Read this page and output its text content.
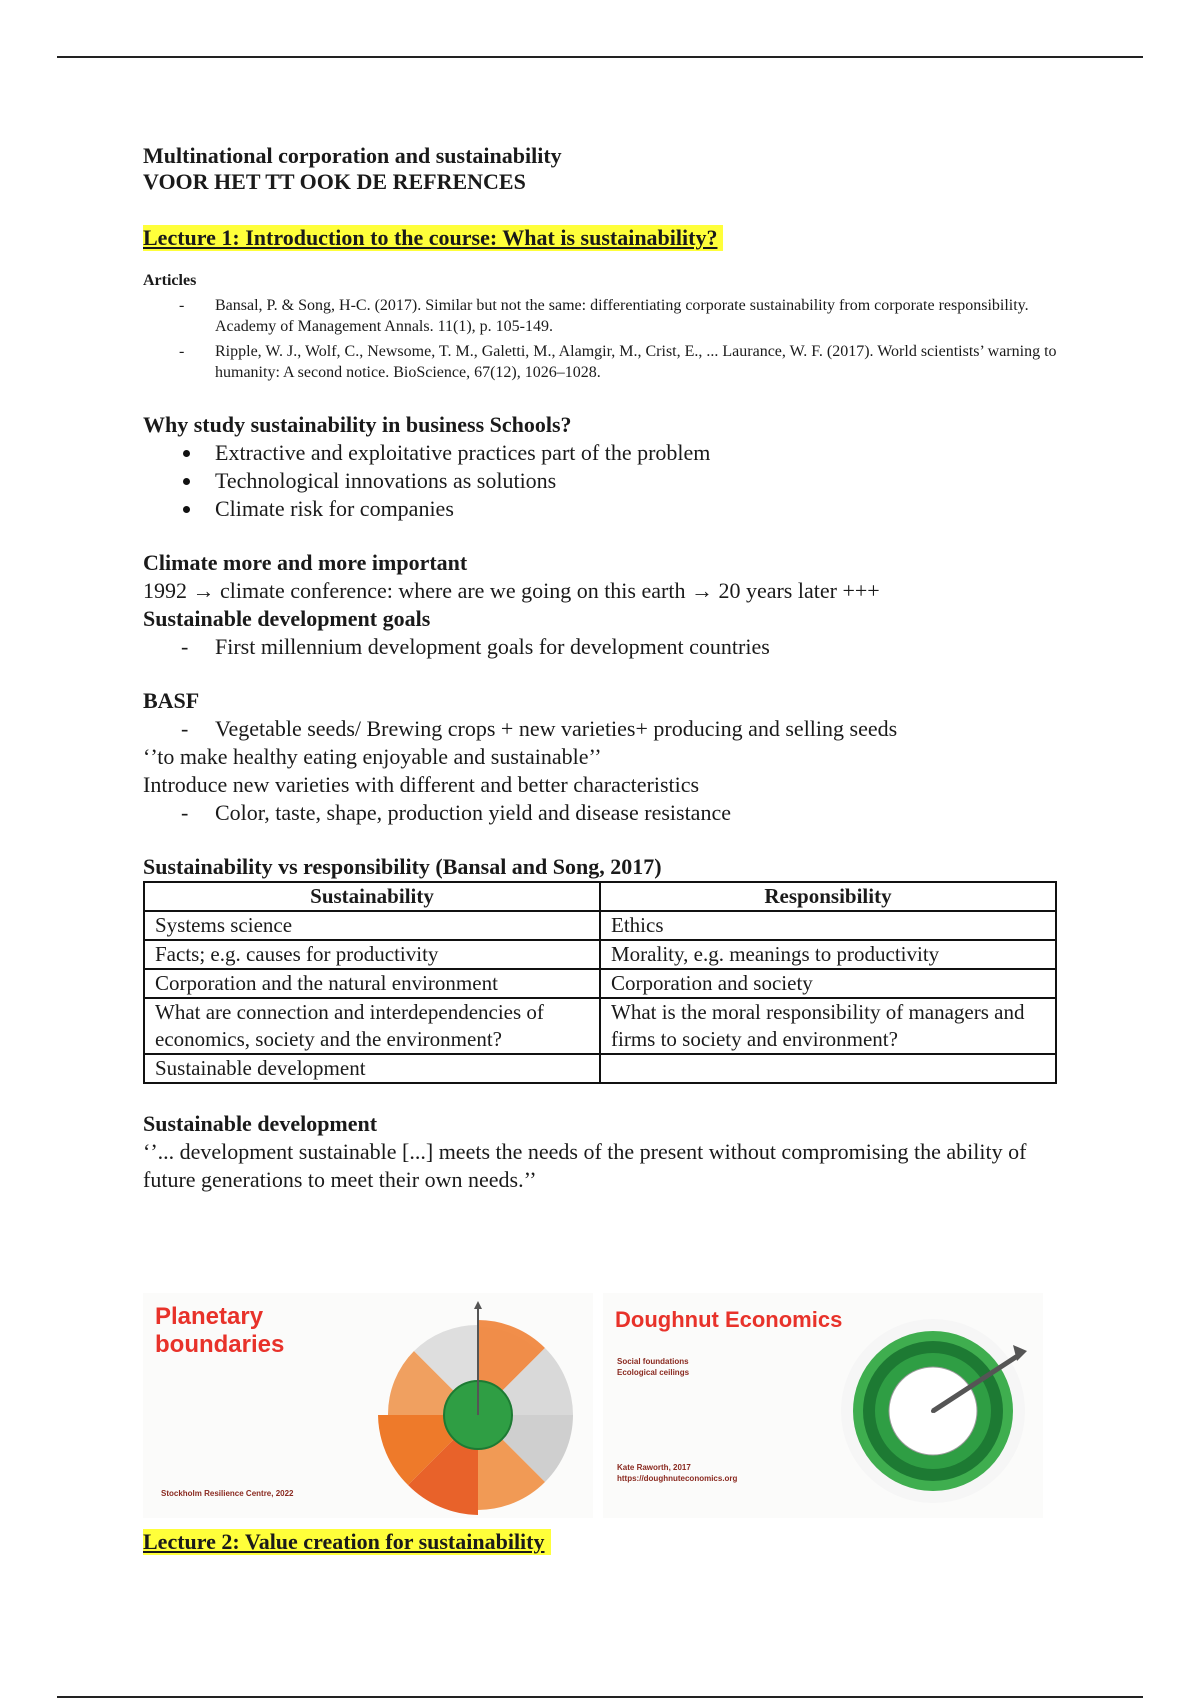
Multinational corporation and sustainability

VOOR HET TT OOK DE REFRENCES

Lecture 1: Introduction to the course: What is sustainability?
Articles
- Bansal, P. & Song, H-C. (2017). Similar but not the same: differentiating corporate sustainability from corporate responsibility. Academy of Management Annals. 11(1), p. 105-149.
- Ripple, W. J., Wolf, C., Newsome, T. M., Galetti, M., Alamgir, M., Crist, E., ... Laurance, W. F. (2017). World scientists’ warning to humanity: A second notice. BioScience, 67(12), 1026–1028.
Why study sustainability in business Schools?
Extractive and exploitative practices part of the problem
Technological innovations as solutions
Climate risk for companies
Climate more and more important

1992 → climate conference: where are we going on this earth → 20 years later +++

Sustainable development goals
- First millennium development goals for development countries
BASF
- Vegetable seeds/ Brewing crops + new varieties+ producing and selling seeds

‘’to make healthy eating enjoyable and sustainable’’

Introduce new varieties with different and better characteristics

- Color, taste, shape, production yield and disease resistance
Sustainability vs responsibility (Bansal and Song, 2017)
Sustainability	Responsibility
Systems science	Ethics
Facts; e.g. causes for productivity	Morality, e.g. meanings to productivity
Corporation and the natural environment	Corporation and society
What are connection and interdependencies of economics, society and the environment?	What is the moral responsibility of managers and firms to society and environment?
Sustainable development	
Sustainable development

‘’... development sustainable [...] meets the needs of the present without compromising the ability of future generations to meet their own needs.’’

Planetary boundaries
Stockholm Resilience Centre, 2022
Doughnut Economics
Social foundations
Ecological ceilings
Kate Raworth, 2017
https://doughnuteconomics.org
Lecture 2: Value creation for sustainability
